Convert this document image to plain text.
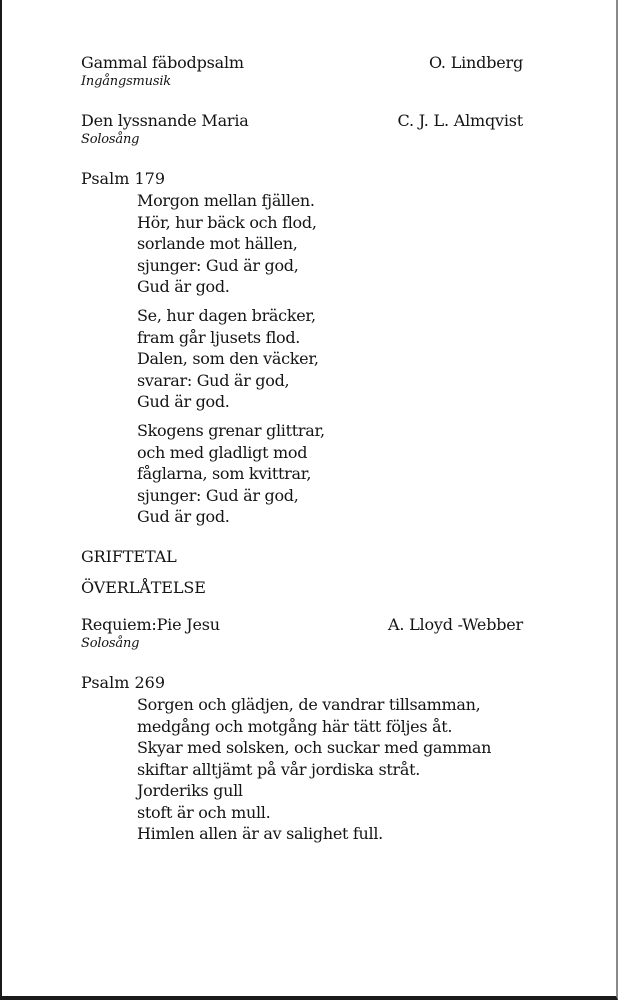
Gammal fäbodpsalm	O. Lindberg
Ingångsmusik
Den lyssnande Maria	C. J. L. Almqvist
Solosång
Psalm 179
Morgon mellan fjällen.
Hör, hur bäck och flod,
sorlande mot hällen,
sjunger: Gud är god,
Gud är god.
Se, hur dagen bräcker,
fram går ljusets flod.
Dalen, som den väcker,
svarar: Gud är god,
Gud är god.
Skogens grenar glittrar,
och med gladligt mod
fåglarna, som kvittrar,
sjunger: Gud är god,
Gud är god.
GRIFTETAL
ÖVERLÅTELSE
Requiem:Pie Jesu	A. Lloyd -Webber
Solosång
Psalm 269
Sorgen och glädjen, de vandrar tillsamman,
medgång och motgång här tätt följes åt.
Skyar med solsken, och suckar med gamman
skiftar alltjämt på vår jordiska stråt.
Jorderiks gull
stoft är och mull.
Himlen allen är av salighet full.
